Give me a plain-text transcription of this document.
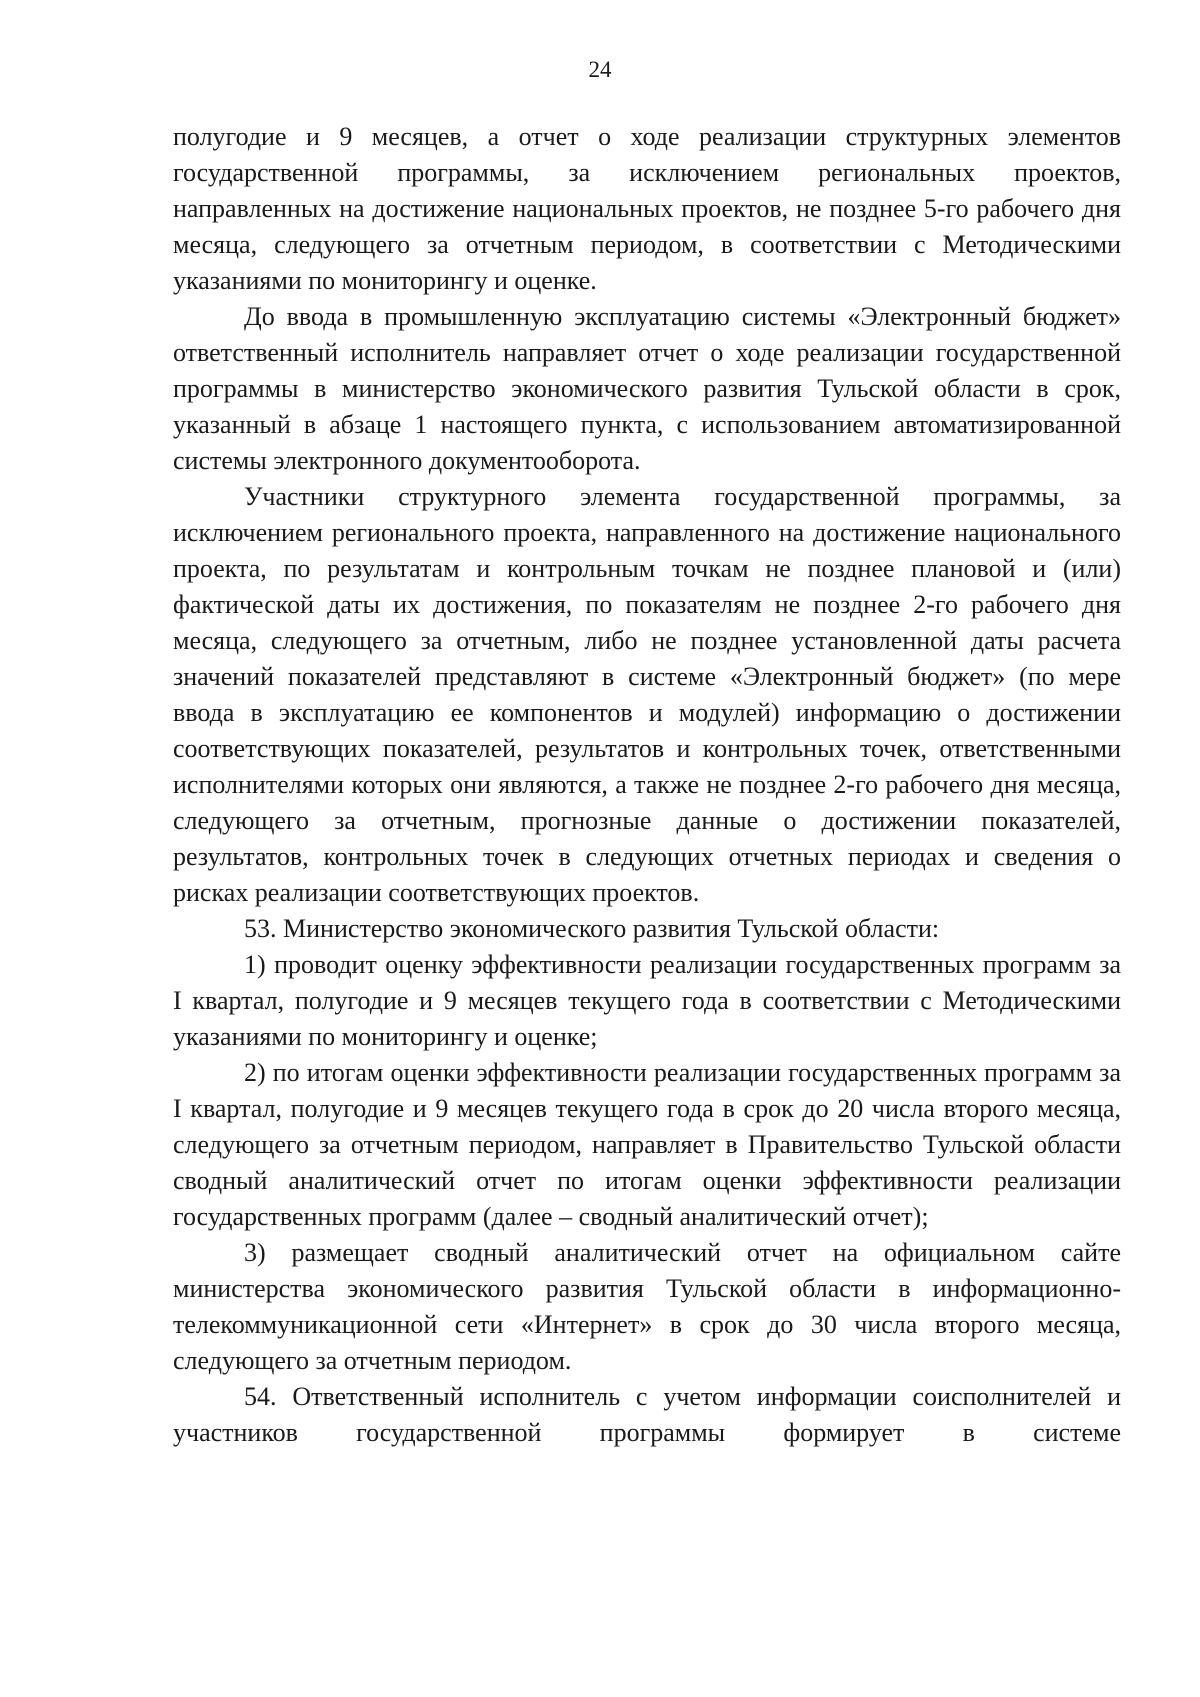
24

полугодие и 9 месяцев, а отчет о ходе реализации структурных элементов государственной программы, за исключением региональных проектов, направленных на достижение национальных проектов, не позднее 5-го рабочего дня месяца, следующего за отчетным периодом, в соответствии с Методическими указаниями по мониторингу и оценке.

До ввода в промышленную эксплуатацию системы «Электронный бюджет» ответственный исполнитель направляет отчет о ходе реализации государственной программы в министерство экономического развития Тульской области в срок, указанный в абзаце 1 настоящего пункта, с использованием автоматизированной системы электронного документооборота.

Участники структурного элемента государственной программы, за исключением регионального проекта, направленного на достижение национального проекта, по результатам и контрольным точкам не позднее плановой и (или) фактической даты их достижения, по показателям не позднее 2-го рабочего дня месяца, следующего за отчетным, либо не позднее установленной даты расчета значений показателей представляют в системе «Электронный бюджет» (по мере ввода в эксплуатацию ее компонентов и модулей) информацию о достижении соответствующих показателей, результатов и контрольных точек, ответственными исполнителями которых они являются, а также не позднее 2-го рабочего дня месяца, следующего за отчетным, прогнозные данные о достижении показателей, результатов, контрольных точек в следующих отчетных периодах и сведения о рисках реализации соответствующих проектов.

53. Министерство экономического развития Тульской области:

1) проводит оценку эффективности реализации государственных программ за I квартал, полугодие и 9 месяцев текущего года в соответствии с Методическими указаниями по мониторингу и оценке;

2) по итогам оценки эффективности реализации государственных программ за I квартал, полугодие и 9 месяцев текущего года в срок до 20 числа второго месяца, следующего за отчетным периодом, направляет в Правительство Тульской области сводный аналитический отчет по итогам оценки эффективности реализации государственных программ (далее – сводный аналитический отчет);

3) размещает сводный аналитический отчет на официальном сайте министерства экономического развития Тульской области в информационно-телекоммуникационной сети «Интернет» в срок до 30 числа второго месяца, следующего за отчетным периодом.

54. Ответственный исполнитель с учетом информации соисполнителей и участников государственной программы формирует в системе
